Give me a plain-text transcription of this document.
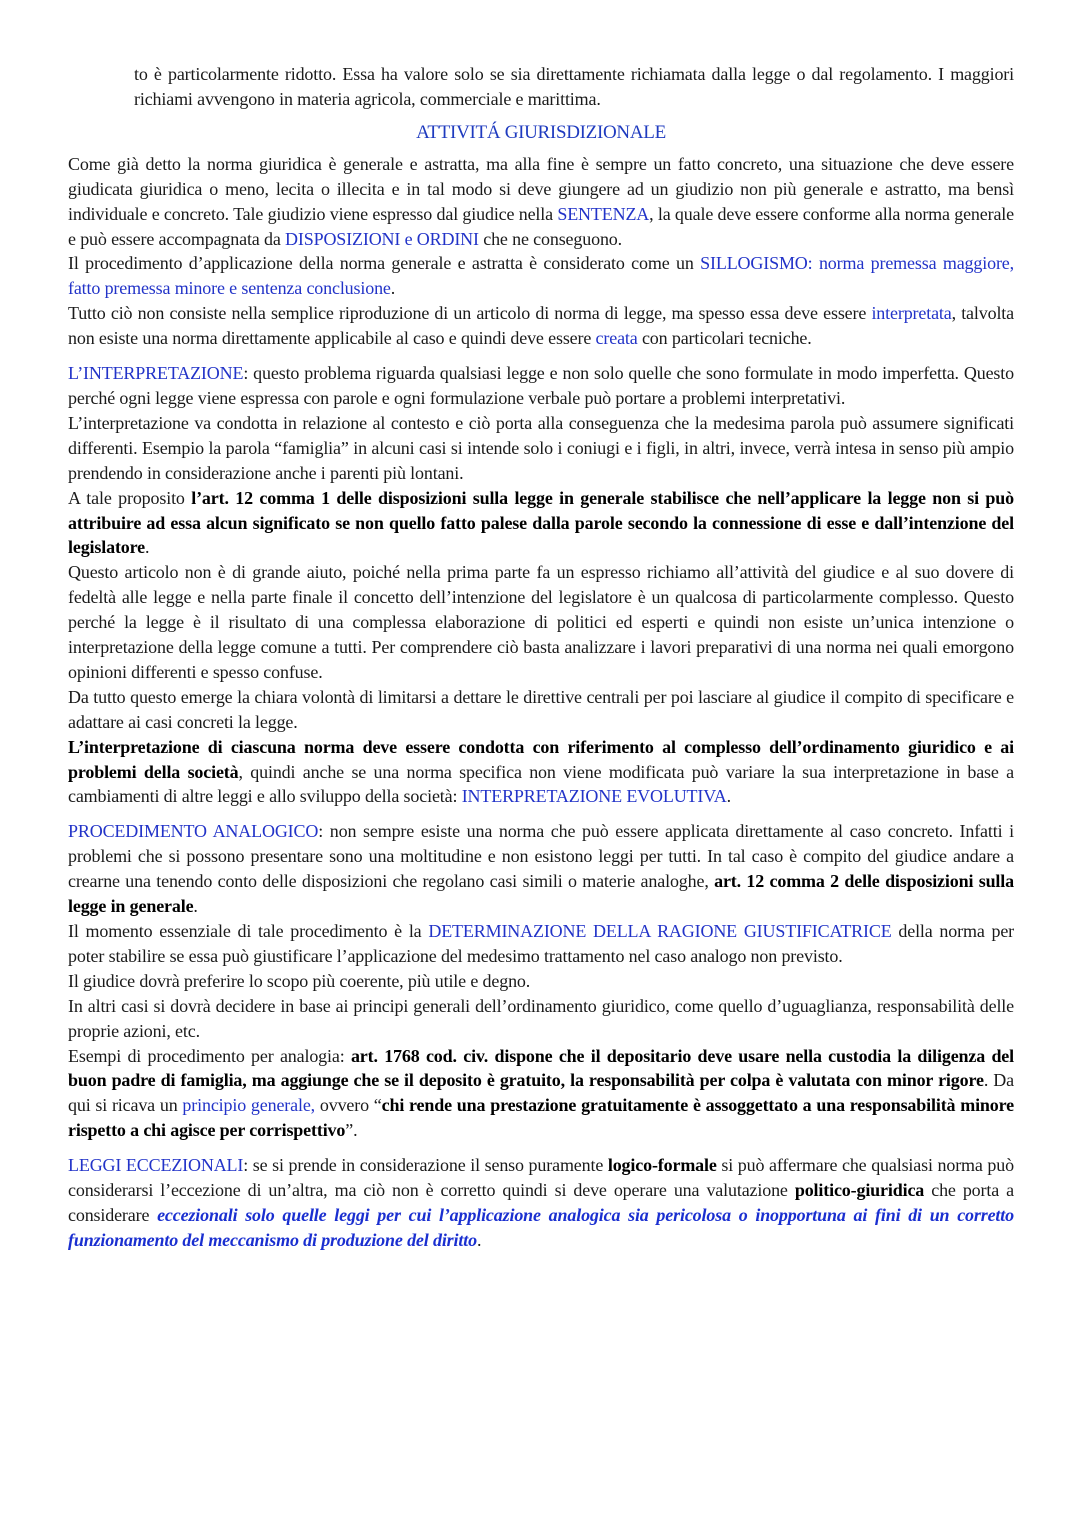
to è particolarmente ridotto. Essa ha valore solo se sia direttamente richiamata dalla legge o dal regolamento. I maggiori richiami avvengono in materia agricola, commerciale e marittima.

ATTIVITÁ GIURISDIZIONALE

Come già detto la norma giuridica è generale e astratta, ma alla fine è sempre un fatto concreto, una situazione che deve essere giudicata giuridica o meno, lecita o illecita e in tal modo si deve giungere ad un giudizio non più generale e astratto, ma bensì individuale e concreto. Tale giudizio viene espresso dal giudice nella SENTENZA, la quale deve essere conforme alla norma generale e può essere accompagnata da DISPOSIZIONI e ORDINI che ne conseguono.

Il procedimento d’applicazione della norma generale e astratta è considerato come un SILLOGISMO: norma premessa maggiore, fatto premessa minore e sentenza conclusione.

Tutto ciò non consiste nella semplice riproduzione di un articolo di norma di legge, ma spesso essa deve essere interpretata, talvolta non esiste una norma direttamente applicabile al caso e quindi deve essere creata con particolari tecniche.

L’INTERPRETAZIONE: questo problema riguarda qualsiasi legge e non solo quelle che sono formulate in modo imperfetta. Questo perché ogni legge viene espressa con parole e ogni formulazione verbale può portare a problemi interpretativi.

L’interpretazione va condotta in relazione al contesto e ciò porta alla conseguenza che la medesima parola può assumere significati differenti. Esempio la parola “famiglia” in alcuni casi si intende solo i coniugi e i figli, in altri, invece, verrà intesa in senso più ampio prendendo in considerazione anche i parenti più lontani.

A tale proposito l’art. 12 comma 1 delle disposizioni sulla legge in generale stabilisce che nell’applicare la legge non si può attribuire ad essa alcun significato se non quello fatto palese dalla parole secondo la connessione di esse e dall’intenzione del legislatore.

Questo articolo non è di grande aiuto, poiché nella prima parte fa un espresso richiamo all’attività del giudice e al suo dovere di fedeltà alle legge e nella parte finale il concetto dell’intenzione del legislatore è un qualcosa di particolarmente complesso. Questo perché la legge è il risultato di una complessa elaborazione di politici ed esperti e quindi non esiste un’unica intenzione o interpretazione della legge comune a tutti. Per comprendere ciò basta analizzare i lavori preparativi di una norma nei quali emorgono opinioni differenti e spesso confuse.

Da tutto questo emerge la chiara volontà di limitarsi a dettare le direttive centrali per poi lasciare al giudice il compito di specificare e adattare ai casi concreti la legge.

L’interpretazione di ciascuna norma deve essere condotta con riferimento al complesso dell’ordinamento giuridico e ai problemi della società, quindi anche se una norma specifica non viene modificata può variare la sua interpretazione in base a cambiamenti di altre leggi e allo sviluppo della società: INTERPRETAZIONE EVOLUTIVA.

PROCEDIMENTO ANALOGICO: non sempre esiste una norma che può essere applicata direttamente al caso concreto. Infatti i problemi che si possono presentare sono una moltitudine e non esistono leggi per tutti. In tal caso è compito del giudice andare a crearne una tenendo conto delle disposizioni che regolano casi simili o materie analoghe, art. 12 comma 2 delle disposizioni sulla legge in generale.

Il momento essenziale di tale procedimento è la DETERMINAZIONE DELLA RAGIONE GIUSTIFICATRICE della norma per poter stabilire se essa può giustificare l’applicazione del medesimo trattamento nel caso analogo non previsto.

Il giudice dovrà preferire lo scopo più coerente, più utile e degno.

In altri casi si dovrà decidere in base ai principi generali dell’ordinamento giuridico, come quello d’uguaglianza, responsabilità delle proprie azioni, etc.

Esempi di procedimento per analogia: art. 1768 cod. civ. dispone che il depositario deve usare nella custodia la diligenza del buon padre di famiglia, ma aggiunge che se il deposito è gratuito, la responsabilità per colpa è valutata con minor rigore. Da qui si ricava un principio generale, ovvero “chi rende una prestazione gratuitamente è assoggettato a una responsabilità minore rispetto a chi agisce per corrispettivo”.

LEGGI ECCEZIONALI: se si prende in considerazione il senso puramente logico-formale si può affermare che qualsiasi norma può considerarsi l’eccezione di un’altra, ma ciò non è corretto quindi si deve operare una valutazione politico-giuridica che porta a considerare eccezionali solo quelle leggi per cui l’applicazione analogica sia pericolosa o inopportuna ai fini di un corretto funzionamento del meccanismo di produzione del diritto.
